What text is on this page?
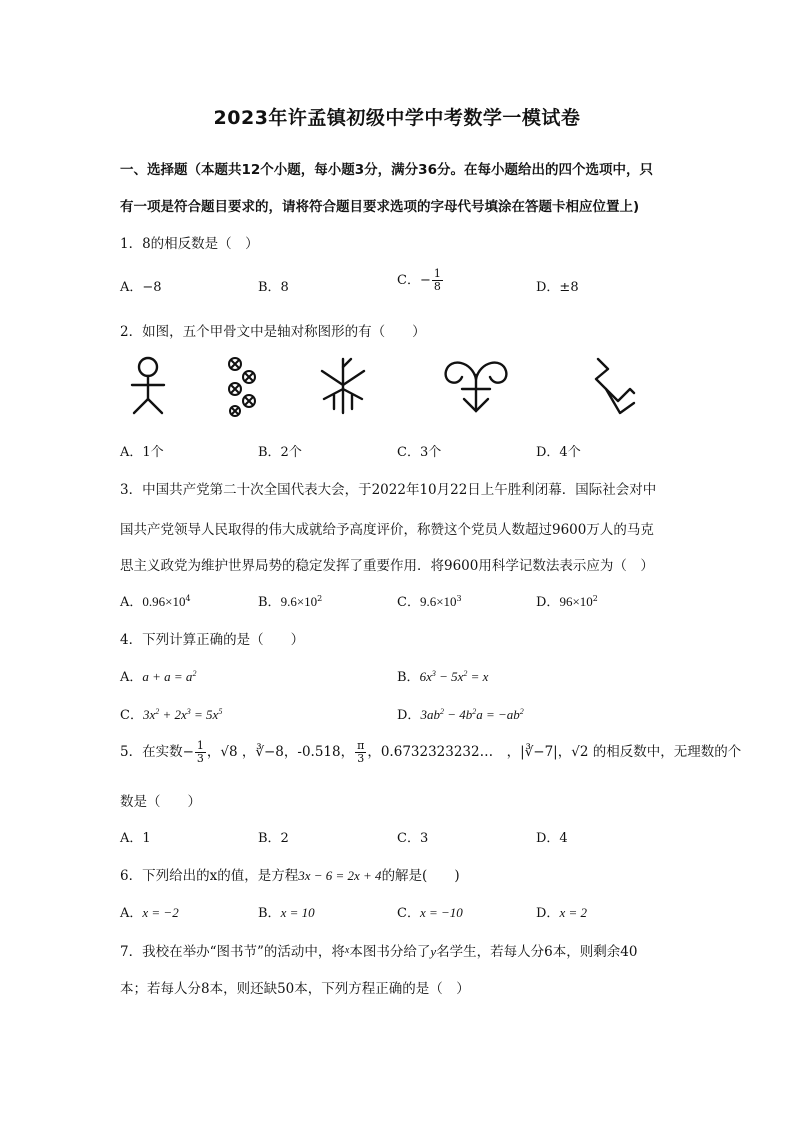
2023年许孟镇初级中学中考数学一模试卷
一、选择题（本题共12个小题，每小题3分，满分36分。在每小题给出的四个选项中，只
有一项是符合题目要求的，请将符合题目要求选项的字母代号填涂在答题卡相应位置上)
1．8的相反数是（　）
A．−8	B．8	C．− $\frac{1}{8}$	D．±8
2．如图，五个甲骨文中是轴对称图形的有（　　）
A．1个	B．2个	C．3个	D．4个
3．中国共产党第二十次全国代表大会，于2022年10月22日上午胜利闭幕．国际社会对中
国共产党领导人民取得的伟大成就给予高度评价，称赞这个党员人数超过9600万人的马克
思主义政党为维护世界局势的稳定发挥了重要作用．将9600用科学记数法表示应为（　）
A．$0.96\times 10^4$	B．$9.6\times 10^2$	C．$9.6\times 10^3$	D．$96\times 10^2$
4．下列计算正确的是（　　）
A．$a + a = a^2$	B．$6x^3 - 5x^2 = x$
C．$3x^2 + 2x^3 = 5x^5$	D．$3ab^2 - 4b^2a = -ab^2$
5．在实数− $\frac{1}{3}$ ，√8 ，∛−8，-0.518， $\frac{\pi}{3}$ ，0.6732323232…　，|∛−7|，√2 的相反数中，无理数的个
数是（　　）
A．1	B．2	C．3	D．4
6．下列给出的x的值，是方程3x − 6 = 2x + 4的解是(　　)
A．x = −2	B．x = 10	C．x = −10	D．x = 2
7．我校在举办“图书节”的活动中，将$^x$本图书分给了y名学生，若每人分6本，则剩余40
本；若每人分8本，则还缺50本，下列方程正确的是（　）
